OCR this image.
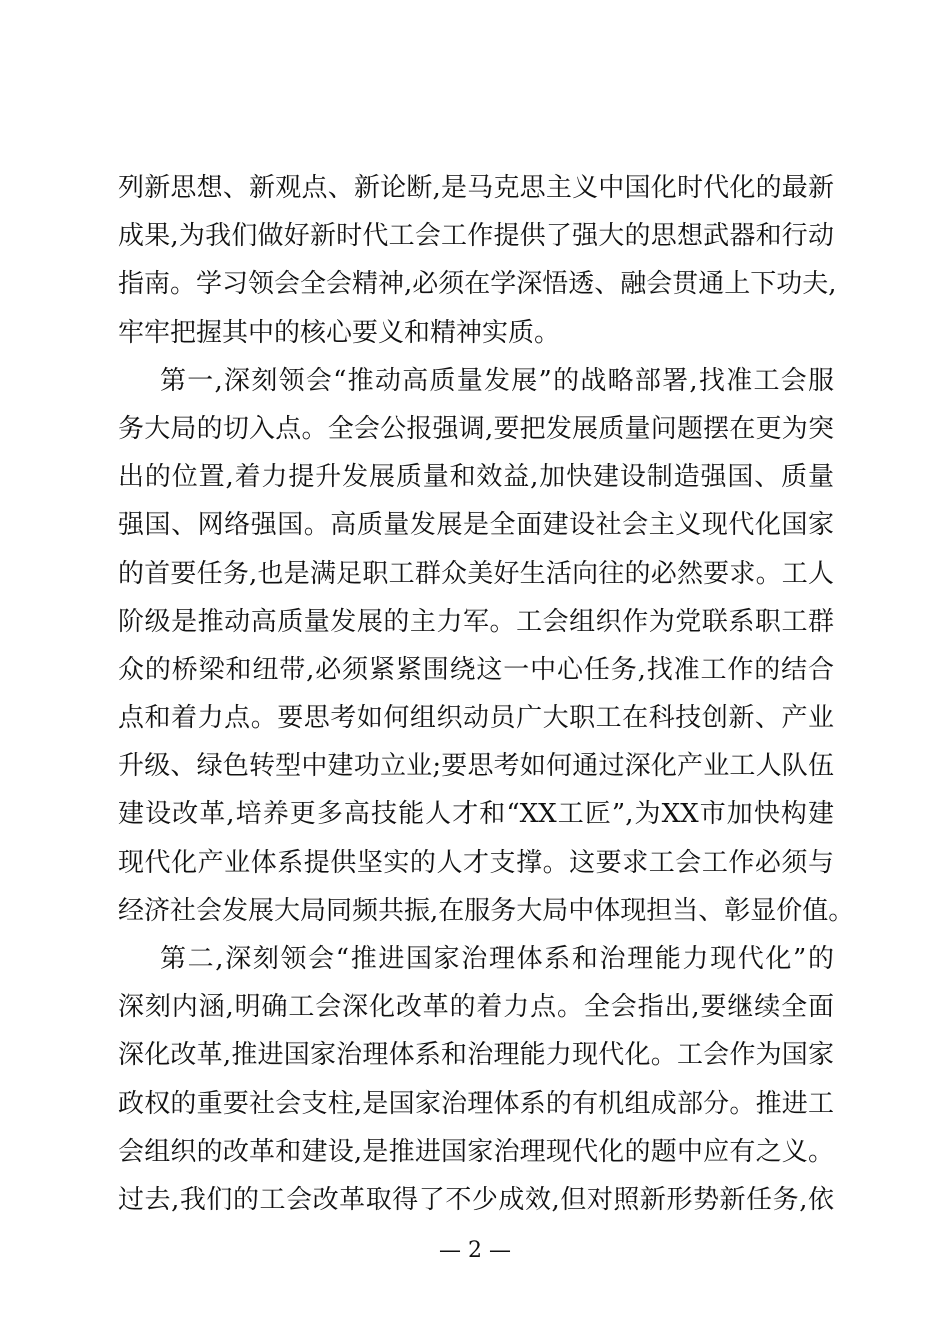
列新思想、新观点、新论断,是马克思主义中国化时代化的最新
成果,为我们做好新时代工会工作提供了强大的思想武器和行动
指南。学习领会全会精神,必须在学深悟透、融会贯通上下功夫,
牢牢把握其中的核心要义和精神实质。
第一,深刻领会“推动高质量发展”的战略部署,找准工会服
务大局的切入点。全会公报强调,要把发展质量问题摆在更为突
出的位置,着力提升发展质量和效益,加快建设制造强国、质量
强国、网络强国。高质量发展是全面建设社会主义现代化国家
的首要任务,也是满足职工群众美好生活向往的必然要求。工人
阶级是推动高质量发展的主力军。工会组织作为党联系职工群
众的桥梁和纽带,必须紧紧围绕这一中心任务,找准工作的结合
点和着力点。要思考如何组织动员广大职工在科技创新、产业
升级、绿色转型中建功立业;要思考如何通过深化产业工人队伍
建设改革,培养更多高技能人才和“XX工匠”,为XX市加快构建
现代化产业体系提供坚实的人才支撑。这要求工会工作必须与
经济社会发展大局同频共振,在服务大局中体现担当、彰显价值。
第二,深刻领会“推进国家治理体系和治理能力现代化”的
深刻内涵,明确工会深化改革的着力点。全会指出,要继续全面
深化改革,推进国家治理体系和治理能力现代化。工会作为国家
政权的重要社会支柱,是国家治理体系的有机组成部分。推进工
会组织的改革和建设,是推进国家治理现代化的题中应有之义。
过去,我们的工会改革取得了不少成效,但对照新形势新任务,依
— 2 —
